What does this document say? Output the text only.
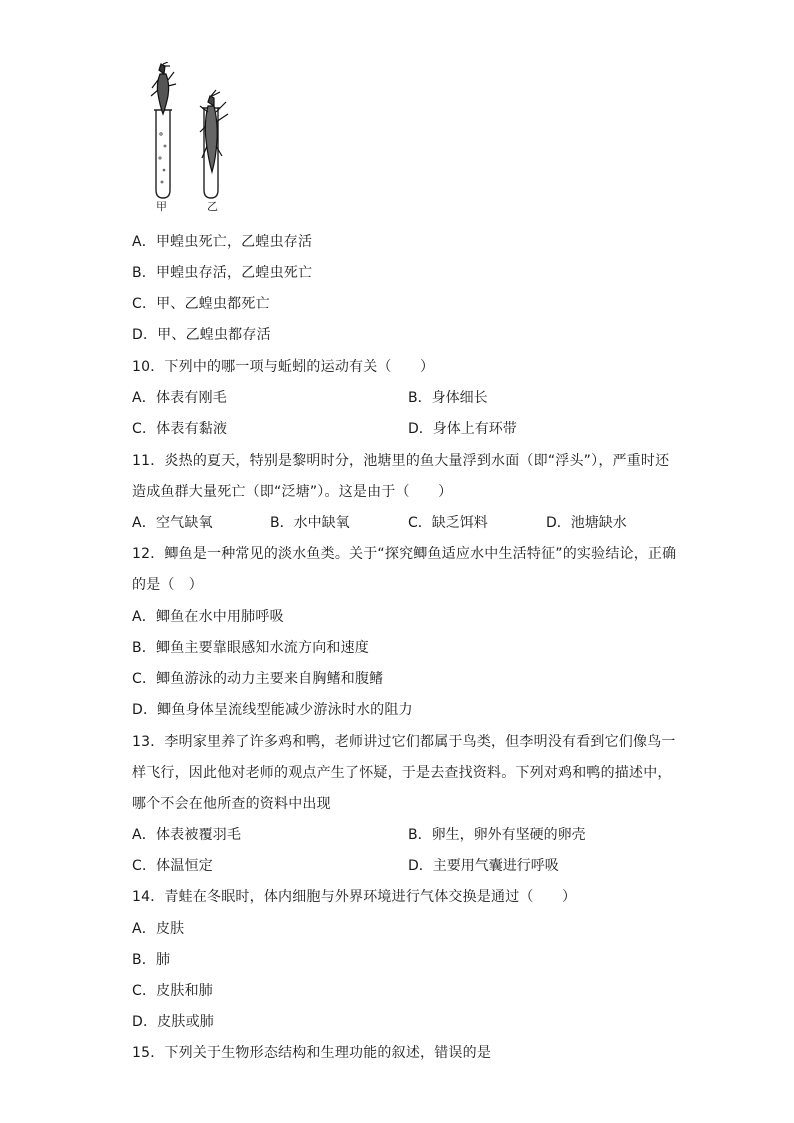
甲	乙
A．甲蝗虫死亡，乙蝗虫存活
B．甲蝗虫存活，乙蝗虫死亡
C．甲、乙蝗虫都死亡
D．甲、乙蝗虫都存活
10．下列中的哪一项与蚯蚓的运动有关（　　）
A．体表有刚毛	B．身体细长
C．体表有黏液	D．身体上有环带
11．炎热的夏天，特别是黎明时分，池塘里的鱼大量浮到水面（即“浮头”），严重时还
造成鱼群大量死亡（即“泛塘”）。这是由于（　　）
A．空气缺氧	B．水中缺氧	C．缺乏饵料	D．池塘缺水
12．鲫鱼是一种常见的淡水鱼类。关于“探究鲫鱼适应水中生活特征”的实验结论，正确
的是（　）
A．鲫鱼在水中用肺呼吸
B．鲫鱼主要靠眼感知水流方向和速度
C．鲫鱼游泳的动力主要来自胸鳍和腹鳍
D．鲫鱼身体呈流线型能减少游泳时水的阻力
13．李明家里养了许多鸡和鸭，老师讲过它们都属于鸟类，但李明没有看到它们像鸟一
样飞行，因此他对老师的观点产生了怀疑，于是去查找资料。下列对鸡和鸭的描述中，
哪个不会在他所查的资料中出现
A．体表被覆羽毛	B．卵生，卵外有坚硬的卵壳
C．体温恒定	D．主要用气囊进行呼吸
14．青蛙在冬眠时，体内细胞与外界环境进行气体交换是通过（　　）
A．皮肤
B．肺
C．皮肤和肺
D．皮肤或肺
15．下列关于生物形态结构和生理功能的叙述，错误的是
